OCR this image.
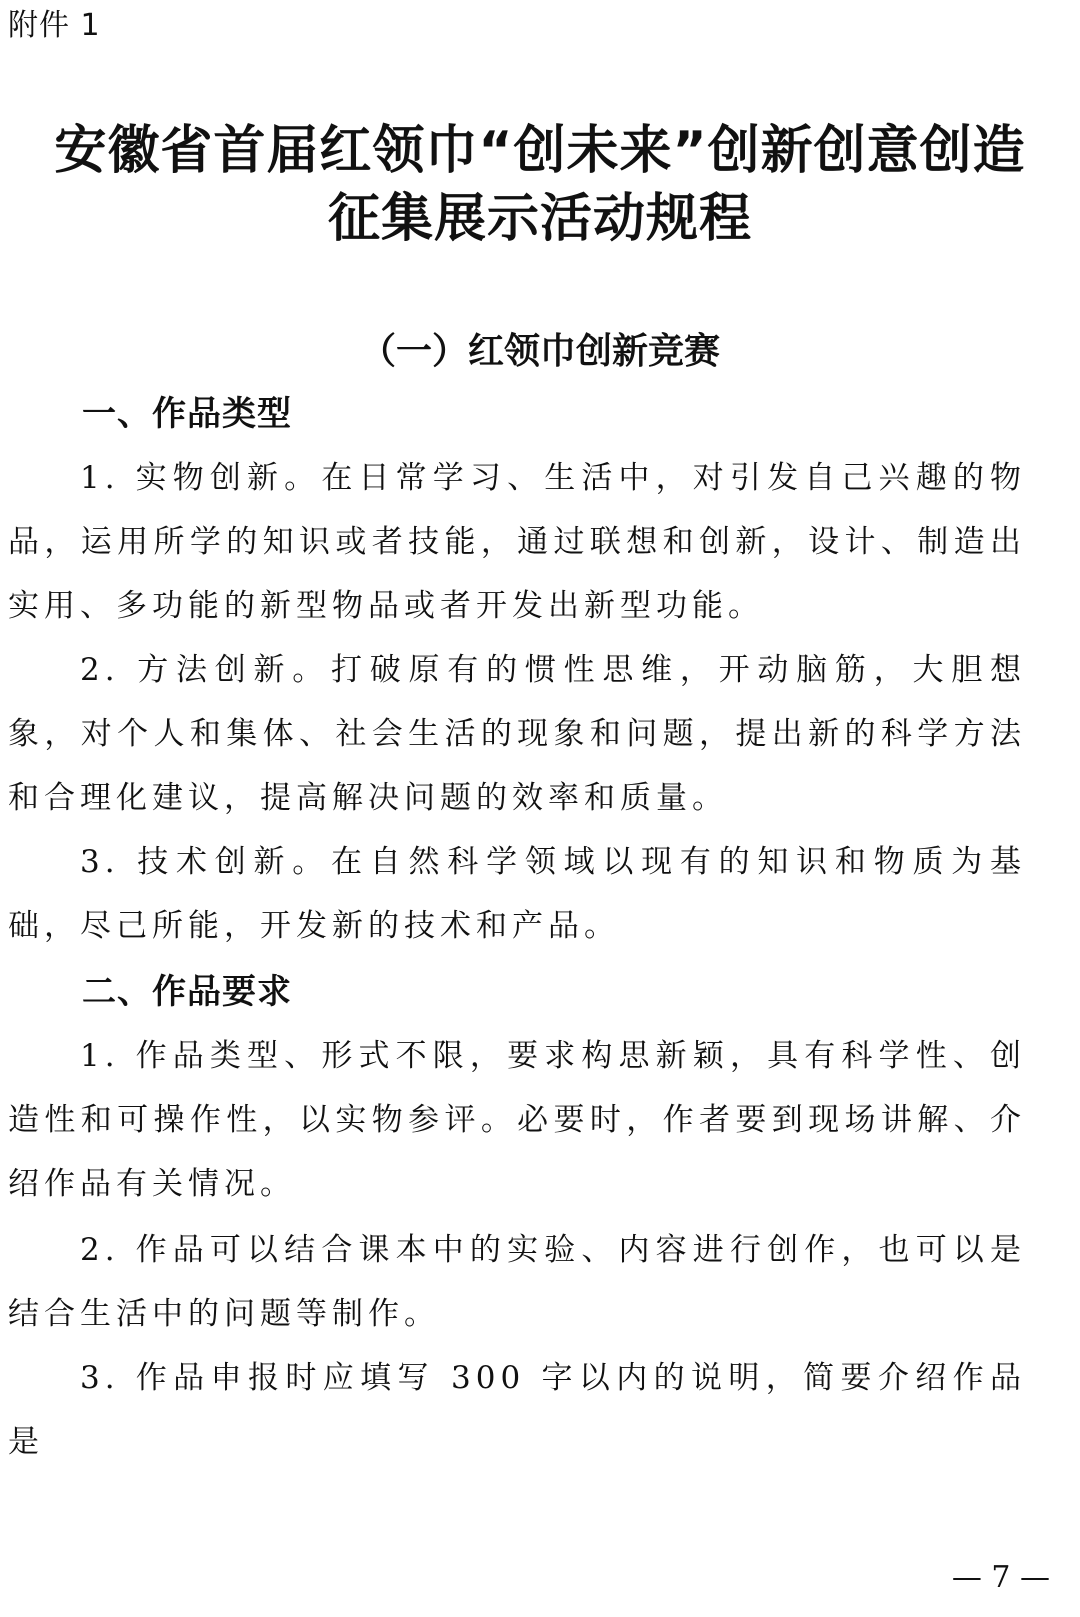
附件 1
安徽省首届红领巾“创未来”创新创意创造
征集展示活动规程
（一）红领巾创新竞赛
一、作品类型

1. 实物创新。在日常学习、生活中，对引发自己兴趣的物品，运用所学的知识或者技能，通过联想和创新，设计、制造出实用、多功能的新型物品或者开发出新型功能。

2. 方法创新。打破原有的惯性思维，开动脑筋，大胆想象，对个人和集体、社会生活的现象和问题，提出新的科学方法和合理化建议，提高解决问题的效率和质量。

3. 技术创新。在自然科学领域以现有的知识和物质为基础，尽己所能，开发新的技术和产品。

二、作品要求

1. 作品类型、形式不限，要求构思新颖，具有科学性、创造性和可操作性，以实物参评。必要时，作者要到现场讲解、介绍作品有关情况。

2. 作品可以结合课本中的实验、内容进行创作，也可以是结合生活中的问题等制作。

3. 作品申报时应填写 300 字以内的说明，简要介绍作品是

— 7 —
